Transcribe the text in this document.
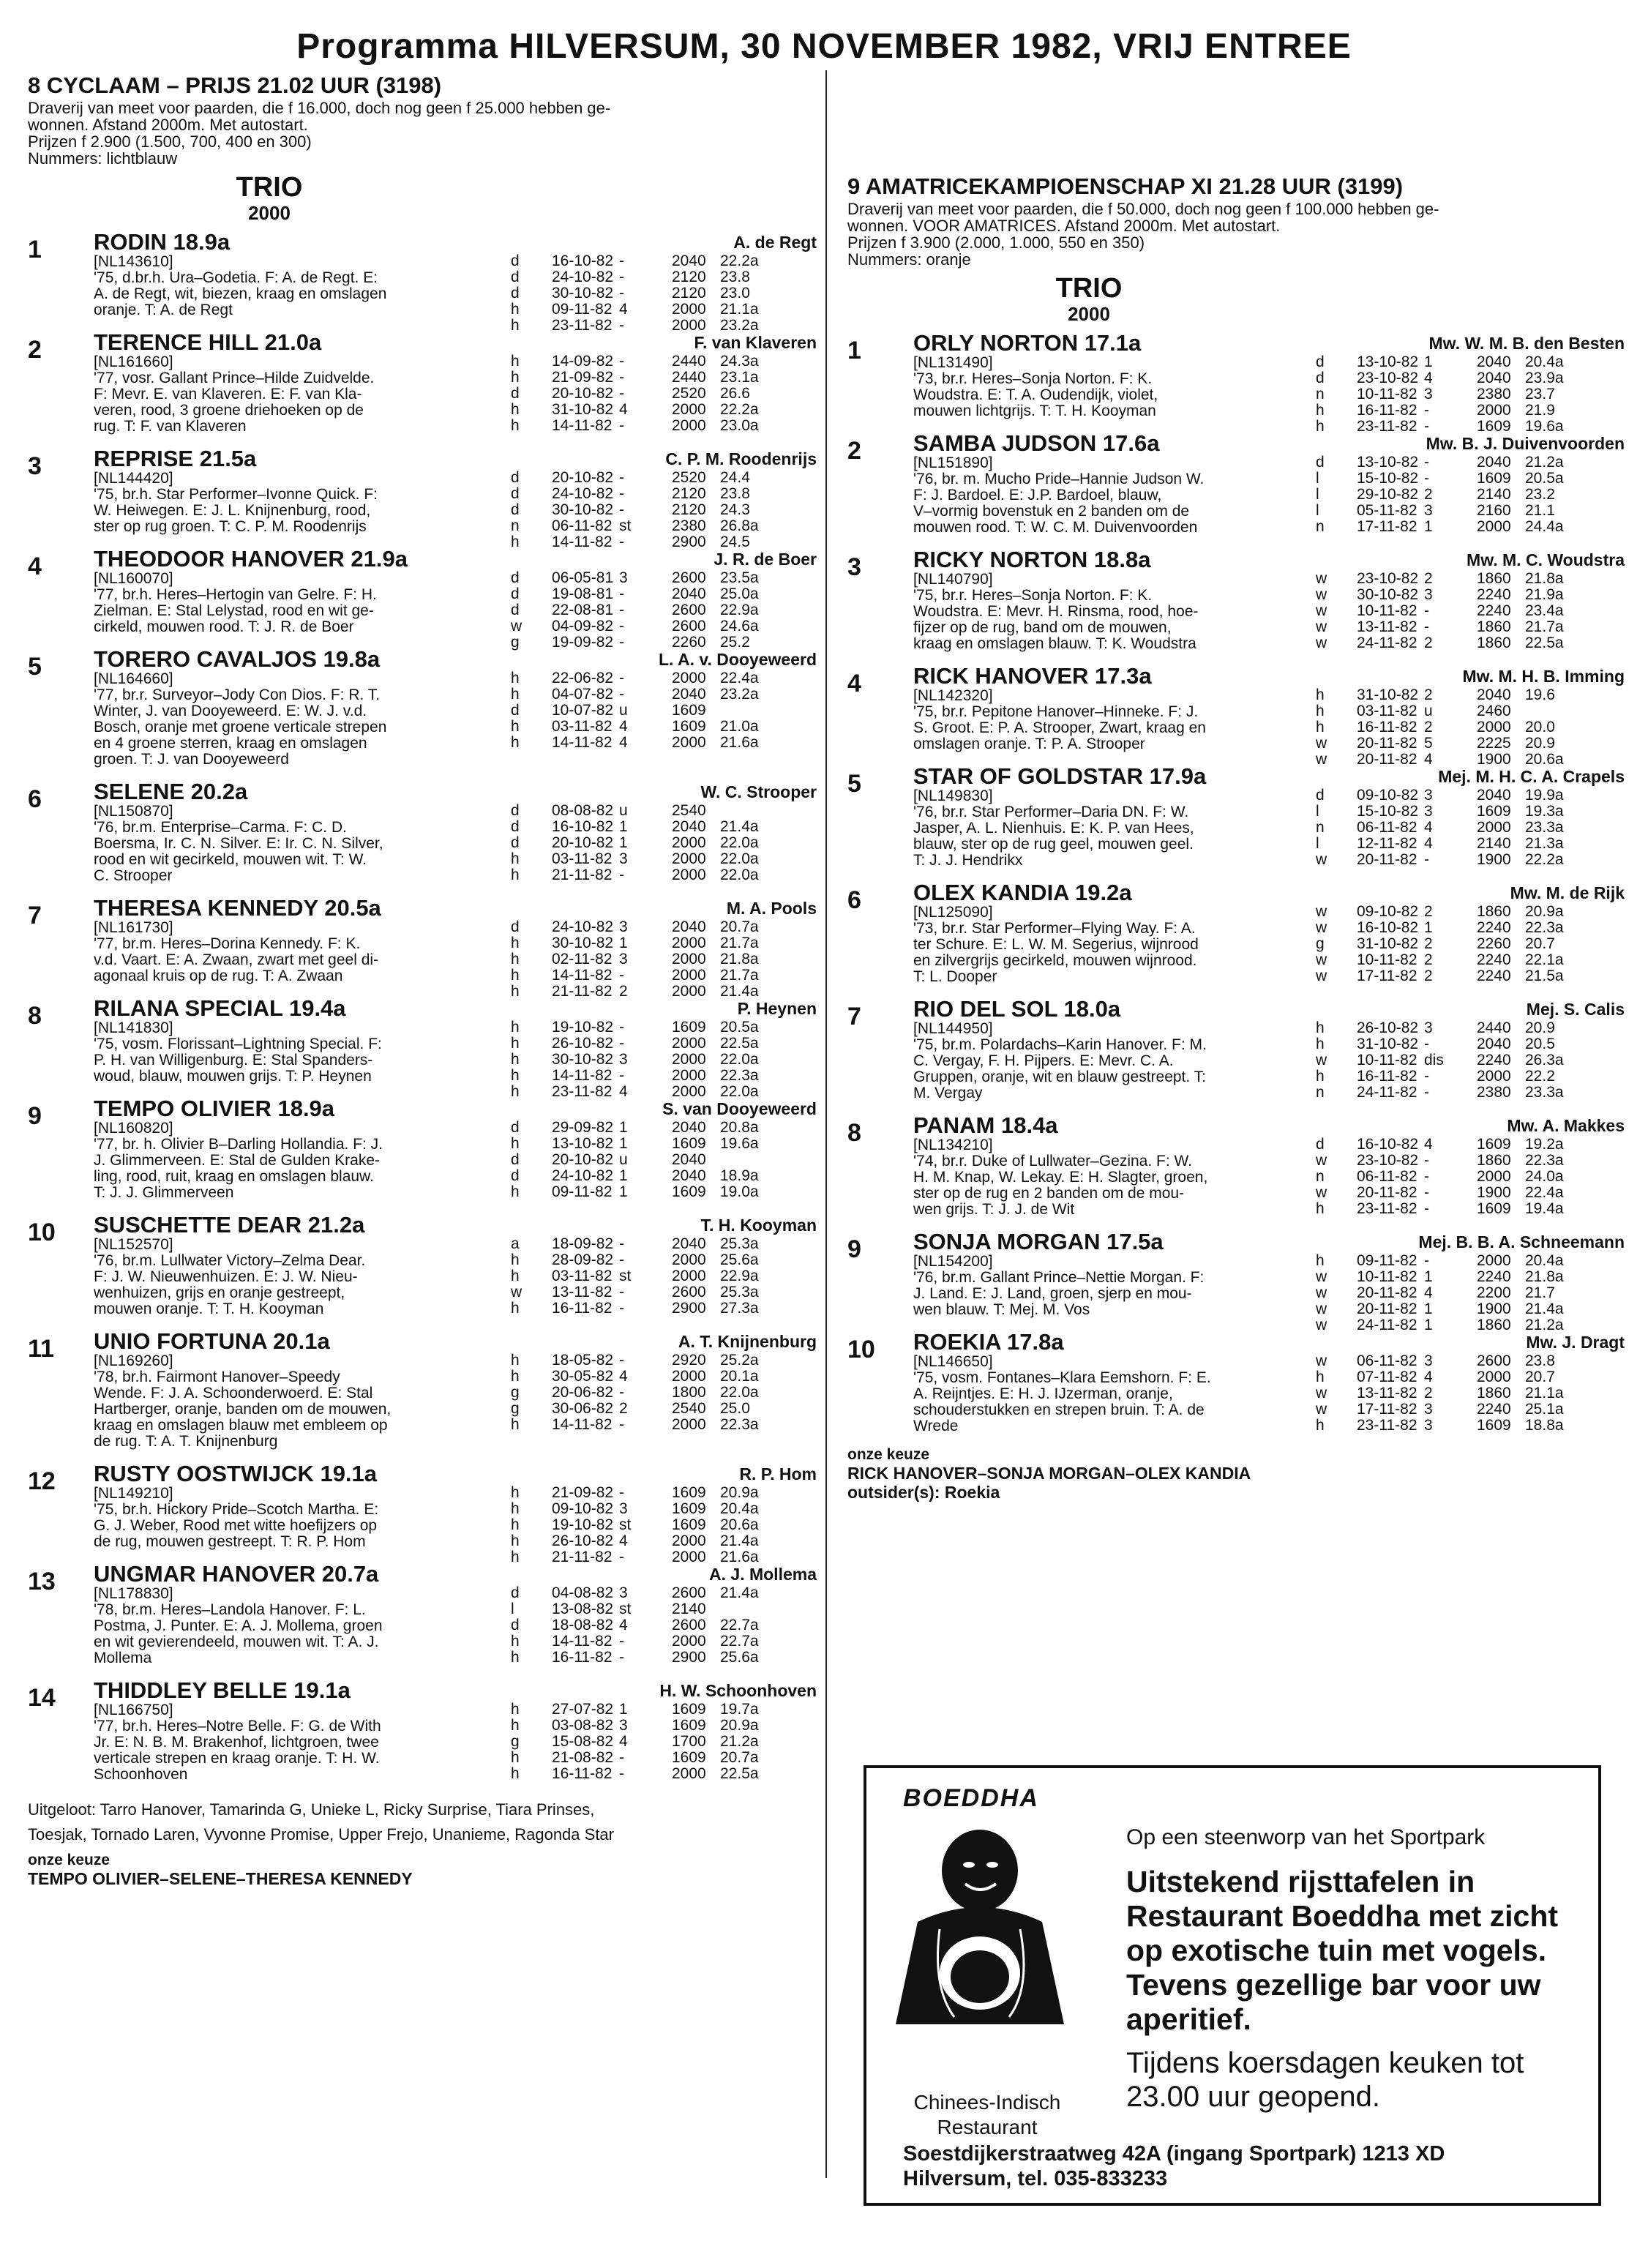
Programma HILVERSUM, 30 NOVEMBER 1982, VRIJ ENTREE
8 CYCLAAM – PRIJS 21.02 UUR (3198)
Draverij van meet voor paarden, die f 16.000, doch nog geen f 25.000 hebben ge-
wonnen. Afstand 2000m. Met autostart.
Prijzen f 2.900 (1.500, 700, 400 en 300)
Nummers: lichtblauw
TRIO
2000
1	RODIN 18.9a
[NL143610]
'75, d.br.h. Ura–Godetia. F: A. de Regt. E:
A. de Regt, wit, biezen, kraag en omslagen
oranje. T: A. de Regt
A. de Regt
d	16-10-82 -	2040 22.2a
d	24-10-82 -	2120 23.8
d	30-10-82 -	2120 23.0
h	09-11-82 4	2000 21.1a
h	23-11-82 -	2000 23.2a
2	TERENCE HILL 21.0a
[NL161660]
'77, vosr. Gallant Prince–Hilde Zuidvelde.
F: Mevr. E. van Klaveren. E: F. van Kla-
veren, rood, 3 groene driehoeken op de
rug. T: F. van Klaveren
F. van Klaveren
h	14-09-82 -	2440 24.3a
h	21-09-82 -	2440 23.1a
d	20-10-82 -	2520 26.6
h	31-10-82 4	2000 22.2a
h	14-11-82 -	2000 23.0a
3	REPRISE 21.5a
[NL144420]
'75, br.h. Star Performer–Ivonne Quick. F:
W. Heiwegen. E: J. L. Knijnenburg, rood,
ster op rug groen. T: C. P. M. Roodenrijs
C. P. M. Roodenrijs
d	20-10-82 -	2520 24.4
d	24-10-82 -	2120 23.8
d	30-10-82 -	2120 24.3
n	06-11-82 st	2380 26.8a
h	14-11-82 -	2900 24.5
4	THEODOOR HANOVER 21.9a
[NL160070]
'77, br.h. Heres–Hertogin van Gelre. F: H.
Zielman. E: Stal Lelystad, rood en wit ge-
cirkeld, mouwen rood. T: J. R. de Boer
J. R. de Boer
d	06-05-81 3	2600 23.5a
d	19-08-81 -	2040 25.0a
d	22-08-81 -	2600 22.9a
w	04-09-82 -	2600 24.6a
g	19-09-82 -	2260 25.2
5	TORERO CAVALJOS 19.8a
[NL164660]
'77, br.r. Surveyor–Jody Con Dios. F: R. T.
Winter, J. van Dooyeweerd. E: W. J. v.d.
Bosch, oranje met groene verticale strepen
en 4 groene sterren, kraag en omslagen
groen. T: J. van Dooyeweerd
L. A. v. Dooyeweerd
h	22-06-82 -	2000 22.4a
h	04-07-82 -	2040 23.2a
d	10-07-82 u	1609
h	03-11-82 4	1609 21.0a
h	14-11-82 4	2000 21.6a
6	SELENE 20.2a
[NL150870]
'76, br.m. Enterprise–Carma. F: C. D.
Boersma, Ir. C. N. Silver. E: Ir. C. N. Silver,
rood en wit gecirkeld, mouwen wit. T: W.
C. Strooper
W. C. Strooper
d	08-08-82 u	2540
d	16-10-82 1	2040 21.4a
d	20-10-82 1	2000 22.0a
h	03-11-82 3	2000 22.0a
h	21-11-82 -	2000 22.0a
7	THERESA KENNEDY 20.5a
[NL161730]
'77, br.m. Heres–Dorina Kennedy. F: K.
v.d. Vaart. E: A. Zwaan, zwart met geel di-
agonaal kruis op de rug. T: A. Zwaan
M. A. Pools
d	24-10-82 3	2040 20.7a
h	30-10-82 1	2000 21.7a
h	02-11-82 3	2000 21.8a
h	14-11-82 -	2000 21.7a
h	21-11-82 2	2000 21.4a
8	RILANA SPECIAL 19.4a
[NL141830]
'75, vosm. Florissant–Lightning Special. F:
P. H. van Willigenburg. E: Stal Spanders-
woud, blauw, mouwen grijs. T: P. Heynen
P. Heynen
h	19-10-82 -	1609 20.5a
h	26-10-82 -	2000 22.5a
h	30-10-82 3	2000 22.0a
h	14-11-82 -	2000 22.3a
h	23-11-82 4	2000 22.0a
9	TEMPO OLIVIER 18.9a
[NL160820]
'77, br. h. Olivier B–Darling Hollandia. F: J.
J. Glimmerveen. E: Stal de Gulden Krake-
ling, rood, ruit, kraag en omslagen blauw.
T: J. J. Glimmerveen
S. van Dooyeweerd
d	29-09-82 1	2040 20.8a
h	13-10-82 1	1609 19.6a
d	20-10-82 u	2040
d	24-10-82 1	2040 18.9a
h	09-11-82 1	1609 19.0a
10	SUSCHETTE DEAR 21.2a
[NL152570]
'76, br.m. Lullwater Victory–Zelma Dear.
F: J. W. Nieuwenhuizen. E: J. W. Nieu-
wenhuizen, grijs en oranje gestreept,
mouwen oranje. T: T. H. Kooyman
T. H. Kooyman
a	18-09-82 -	2040 25.3a
h	28-09-82 -	2000 25.6a
h	03-11-82 st	2000 22.9a
w	13-11-82 -	2600 25.3a
h	16-11-82 -	2900 27.3a
11	UNIO FORTUNA 20.1a
[NL169260]
'78, br.h. Fairmont Hanover–Speedy
Wende. F: J. A. Schoonderwoerd. E: Stal
Hartberger, oranje, banden om de mouwen,
kraag en omslagen blauw met embleem op
de rug. T: A. T. Knijnenburg
A. T. Knijnenburg
h	18-05-82 -	2920 25.2a
h	30-05-82 4	2000 20.1a
g	20-06-82 -	1800 22.0a
g	30-06-82 2	2540 25.0
h	14-11-82 -	2000 22.3a
12	RUSTY OOSTWIJCK 19.1a
[NL149210]
'75, br.h. Hickory Pride–Scotch Martha. E:
G. J. Weber, Rood met witte hoefijzers op
de rug, mouwen gestreept. T: R. P. Hom
R. P. Hom
h	21-09-82 -	1609 20.9a
h	09-10-82 3	1609 20.4a
h	19-10-82 st	1609 20.6a
h	26-10-82 4	2000 21.4a
h	21-11-82 -	2000 21.6a
13	UNGMAR HANOVER 20.7a
[NL178830]
'78, br.m. Heres–Landola Hanover. F: L.
Postma, J. Punter. E: A. J. Mollema, groen
en wit gevierendeeld, mouwen wit. T: A. J.
Mollema
A. J. Mollema
d	04-08-82 3	2600 21.4a
l	13-08-82 st	2140
d	18-08-82 4	2600 22.7a
h	14-11-82 -	2000 22.7a
h	16-11-82 -	2900 25.6a
14	THIDDLEY BELLE 19.1a
[NL166750]
'77, br.h. Heres–Notre Belle. F: G. de With
Jr. E: N. B. M. Brakenhof, lichtgroen, twee
verticale strepen en kraag oranje. T: H. W.
Schoonhoven
H. W. Schoonhoven
h	27-07-82 1	1609 19.7a
h	03-08-82 3	1609 20.9a
g	15-08-82 4	1700 21.2a
h	21-08-82 -	1609 20.7a
h	16-11-82 -	2000 22.5a
Uitgeloot: Tarro Hanover, Tamarinda G, Unieke L, Ricky Surprise, Tiara Prinses,
Toesjak, Tornado Laren, Vyvonne Promise, Upper Frejo, Unanieme, Ragonda Star
onze keuze
TEMPO OLIVIER–SELENE–THERESA KENNEDY
9 AMATRICEKAMPIOENSCHAP XI 21.28 UUR (3199)
Draverij van meet voor paarden, die f 50.000, doch nog geen f 100.000 hebben ge-
wonnen. VOOR AMATRICES. Afstand 2000m. Met autostart.
Prijzen f 3.900 (2.000, 1.000, 550 en 350)
Nummers: oranje
TRIO
2000
1	ORLY NORTON 17.1a
[NL131490]
'73, br.r. Heres–Sonja Norton. F: K.
Woudstra. E: T. A. Oudendijk, violet,
mouwen lichtgrijs. T: T. H. Kooyman
Mw. W. M. B. den Besten
d	13-10-82 1	2040 20.4a
d	23-10-82 4	2040 23.9a
n	10-11-82 3	2380 23.7
h	16-11-82 -	2000 21.9
h	23-11-82 -	1609 19.6a
2	SAMBA JUDSON 17.6a
[NL151890]
'76, br. m. Mucho Pride–Hannie Judson W.
F: J. Bardoel. E: J.P. Bardoel, blauw,
V–vormig bovenstuk en 2 banden om de
mouwen rood. T: W. C. M. Duivenvoorden
Mw. B. J. Duivenvoorden
d	13-10-82 -	2040 21.2a
l	15-10-82 -	1609 20.5a
l	29-10-82 2	2140 23.2
l	05-11-82 3	2160 21.1
n	17-11-82 1	2000 24.4a
3	RICKY NORTON 18.8a
[NL140790]
'75, br.r. Heres–Sonja Norton. F: K.
Woudstra. E: Mevr. H. Rinsma, rood, hoe-
fijzer op de rug, band om de mouwen,
kraag en omslagen blauw. T: K. Woudstra
Mw. M. C. Woudstra
w	23-10-82 2	1860 21.8a
w	30-10-82 3	2240 21.9a
w	10-11-82 -	2240 23.4a
w	13-11-82 -	1860 21.7a
w	24-11-82 2	1860 22.5a
4	RICK HANOVER 17.3a
[NL142320]
'75, br.r. Pepitone Hanover–Hinneke. F: J.
S. Groot. E: P. A. Strooper, Zwart, kraag en
omslagen oranje. T: P. A. Strooper
Mw. M. H. B. Imming
h	31-10-82 2	2040 19.6
h	03-11-82 u	2460
h	16-11-82 2	2000 20.0
w	20-11-82 5	2225 20.9
w	20-11-82 4	1900 20.6a
5	STAR OF GOLDSTAR 17.9a
[NL149830]
'76, br.r. Star Performer–Daria DN. F: W.
Jasper, A. L. Nienhuis. E: K. P. van Hees,
blauw, ster op de rug geel, mouwen geel.
T: J. J. Hendrikx
Mej. M. H. C. A. Crapels
d	09-10-82 3	2040 19.9a
l	15-10-82 3	1609 19.3a
n	06-11-82 4	2000 23.3a
l	12-11-82 4	2140 21.3a
w	20-11-82 -	1900 22.2a
6	OLEX KANDIA 19.2a
[NL125090]
'73, br.r. Star Performer–Flying Way. F: A.
ter Schure. E: L. W. M. Segerius, wijnrood
en zilvergrijs gecirkeld, mouwen wijnrood.
T: L. Dooper
Mw. M. de Rijk
w	09-10-82 2	1860 20.9a
w	16-10-82 1	2240 22.3a
g	31-10-82 2	2260 20.7
w	10-11-82 2	2240 22.1a
w	17-11-82 2	2240 21.5a
7	RIO DEL SOL 18.0a
[NL144950]
'75, br.m. Polardachs–Karin Hanover. F: M.
C. Vergay, F. H. Pijpers. E: Mevr. C. A.
Gruppen, oranje, wit en blauw gestreept. T:
M. Vergay
Mej. S. Calis
h	26-10-82 3	2440 20.9
h	31-10-82 -	2040 20.5
w	10-11-82 dis	2240 26.3a
h	16-11-82 -	2000 22.2
n	24-11-82 -	2380 23.3a
8	PANAM 18.4a
[NL134210]
'74, br.r. Duke of Lullwater–Gezina. F: W.
H. M. Knap, W. Lekay. E: H. Slagter, groen,
ster op de rug en 2 banden om de mou-
wen grijs. T: J. J. de Wit
Mw. A. Makkes
d	16-10-82 4	1609 19.2a
w	23-10-82 -	1860 22.3a
n	06-11-82 -	2000 24.0a
w	20-11-82 -	1900 22.4a
h	23-11-82 -	1609 19.4a
9	SONJA MORGAN 17.5a
[NL154200]
'76, br.m. Gallant Prince–Nettie Morgan. F:
J. Land. E: J. Land, groen, sjerp en mou-
wen blauw. T: Mej. M. Vos
Mej. B. B. A. Schneemann
h	09-11-82 -	2000 20.4a
w	10-11-82 1	2240 21.8a
w	20-11-82 4	2200 21.7
w	20-11-82 1	1900 21.4a
w	24-11-82 1	1860 21.2a
10	ROEKIA 17.8a
[NL146650]
'75, vosm. Fontanes–Klara Eemshorn. F: E.
A. Reijntjes. E: H. J. IJzerman, oranje,
schouderstukken en strepen bruin. T: A. de
Wrede
Mw. J. Dragt
w	06-11-82 3	2600 23.8
h	07-11-82 4	2000 20.7
w	13-11-82 2	1860 21.1a
w	17-11-82 3	2240 25.1a
h	23-11-82 3	1609 18.8a
onze keuze
RICK HANOVER–SONJA MORGAN–OLEX KANDIA
outsider(s): Roekia
BOEDDHA
Chinees-Indisch
Restaurant
Op een steenworp van het Sportpark
Uitstekend rijsttafelen in Restaurant Boeddha met zicht op exotische tuin met vogels. Tevens gezellige bar voor uw aperitief.
Tijdens koersdagen keuken tot 23.00 uur geopend.
Soestdijkerstraatweg 42A (ingang Sportpark) 1213 XD
Hilversum, tel. 035-833233
